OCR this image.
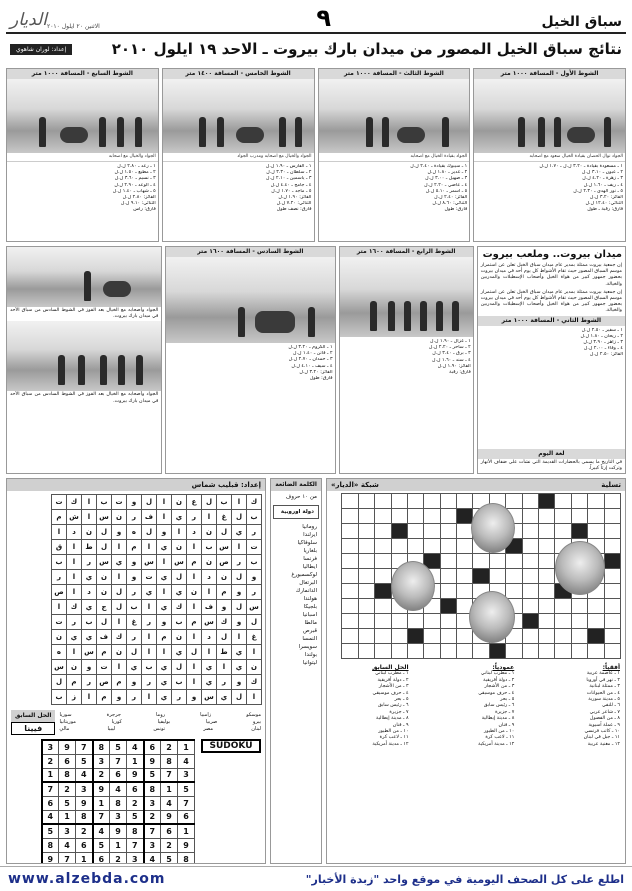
سباق الخيل
٩
الاثنين ٢٠ ايلول ٢٠١٠
الديار
نتائج سباق الخيل المصور من ميدان بارك بيروت ـ الاحد ١٩ ايلول ٢٠١٠
إعداد: لوران شاهوي
الشوط الأول - المسافة ١٠٠٠ متر
الجواد نوال الحصان بقيادة الخيال سعود مع اصحابه
١ ـ مسعودة بقيادة ـ ٣.٢٠ ل.ل ـ ١.٧٠ ل.ل
٢ ـ عيون ـ ٣.١٠ ل.ل
٣ ـ زهرة ـ ٤.٢٠ ل.ل
٤ ـ ريف ـ ١.٦٠ ل.ل
٥ ـ نور الهدى ـ ٢.٣٠ ل.ل
الفائز: ٣.٢٠ ل.ل
الثنائي: ١٢.٤٠ ل.ل
فارق: رقبة ـ طول
الشوط الثالث - المسافة ١٠٠٠ متر
الجواد بقيادة الخيال مع اصحابه
١ ـ سيبوك بقيادة ـ ٢.٤٠ ل.ل
٢ ـ غدير ـ ١.٨٠ ل.ل
٣ ـ صهيل ـ ٣.٠٠ ل.ل
٤ ـ عاصي ـ ٢.٢٠ ل.ل
٥ ـ أسمر ـ ٥.١٠ ل.ل
الفائز: ٢.٤٠ ل.ل
الثنائي: ٨.٦٠ ل.ل
فارق: طول
الشوط الخامس - المسافة ١٤٠٠ متر
الجواد والخيال مع اصحابه ومدرب الجواد
١ ـ الفارس ـ ١.٩٠ ل.ل
٢ ـ سلطان ـ ٣.٣٠ ل.ل
٣ ـ ياسمين ـ ٢.١٠ ل.ل
٤ ـ جامح ـ ٤.٤٠ ل.ل
٥ ـ ماجد ـ ١.٧٠ ل.ل
الفائز: ١.٩٠ ل.ل
الثنائي: ٧.٢٠ ل.ل
فارق: نصف طول
الشوط السابع - المسافة ١٠٠٠ متر
الجواد والخيال مع اصحابه
١ ـ رعد ـ ٢.٨٠ ل.ل
٢ ـ مطيع ـ ١.٥٠ ل.ل
٣ ـ نسيم ـ ٣.٦٠ ل.ل
٤ ـ الوعد ـ ٢.٩٠ ل.ل
٥ ـ شهاب ـ ١.٤٠ ل.ل
الفائز: ٢.٨٠ ل.ل
الثنائي: ٩.١٠ ل.ل
فارق: رأس
ميدان بيروت.. وملعب بيروت
إن جمعية بيروت ممثلة بمدير عام ميدان سباق الخيل تعلن عن استمرار موسم السباق المصور حيث تقام الأشواط كل يوم أحد في ميدان بيروت بحضور جمهور كبير من هواة الخيل وأصحاب الإسطبلات والمدربين والخيالة.
إن جمعية بيروت ممثلة بمدير عام ميدان سباق الخيل تعلن عن استمرار موسم السباق المصور حيث تقام الأشواط كل يوم أحد في ميدان بيروت بحضور جمهور كبير من هواة الخيل وأصحاب الإسطبلات والمدربين والخيالة.
الشوط الثاني - المسافة ١٠٠٠ متر
١ ـ سفير ـ ٢.٥٠ ل.ل
٢ ـ ريحان ـ ١.٨٠ ل.ل
٣ ـ زاهر ـ ٣.٩٠ ل.ل
٤ ـ وفاء ـ ٢.٠٠ ل.ل
الفائز: ٢.٥٠ ل.ل
لغة اليوم
في التاريخ ما يسمى بالحضارات القديمة التي نشأت على ضفاف الأنهار وتركت إرثاً كبيراً.
الشوط الرابع - المسافة ١٦٠٠ متر
١ ـ غزال ـ ١.٩٠ ل.ل
٢ ـ ساحر ـ ٢.٢٠ ل.ل
٣ ـ برق ـ ٣.٤٠ ل.ل
٤ ـ سند ـ ١.٦٠ ل.ل
الفائز: ١.٩٠ ل.ل
فارق: رقبة
الشوط السادس - المسافة ١٦٠٠ متر
١ ـ الكروم ـ ٣.٢٠ ل.ل
٢ ـ فاتن ـ ١.٤٠ ل.ل
٣ ـ حمدان ـ ٢.٧٠ ل.ل
٤ ـ سيف ـ ٤.١٠ ل.ل
الفائز: ٣.٢٠ ل.ل
فارق: طول
الجواد وأصحابه مع الخيال بعد الفوز في الشوط السادس من سباق الأحد في ميدان بارك بيروت.
الجواد وأصحابه مع الخيال بعد الفوز في الشوط السادس من سباق الأحد في ميدان بارك بيروت.
تسلية
شبكة «الديار»

أفقياً:
١ ـ عاصمة عربية
٢ ـ نهر في أوروبا
٣ ـ ممثلة لبنانية
٤ ـ من الحيوانات
٥ ـ مدينة سورية
٦ ـ للنفي
٧ ـ شاعر عربي
٨ ـ من الفصول
٩ ـ عملة آسيوية
١٠ ـ كاتب فرنسي
١١ ـ جبل في لبنان
١٢ ـ مغنية عربية
عمودياً:
١ ـ مطرب لبناني
٢ ـ دولة أفريقية
٣ ـ من الأشجار
٤ ـ حرف موسيقي
٥ ـ بحر
٦ ـ رئيس سابق
٧ ـ جزيرة
٨ ـ مدينة إيطالية
٩ ـ فنان
١٠ ـ من الطيور
١١ ـ لاعب كرة
١٢ ـ مدينة أمريكية
الحل السابق
١ ـ مطرب لبناني
٢ ـ دولة أفريقية
٣ ـ من الأشجار
٤ ـ حرف موسيقي
٥ ـ بحر
٦ ـ رئيس سابق
٧ ـ جزيرة
٨ ـ مدينة إيطالية
٩ ـ فنان
١٠ ـ من الطيور
١١ ـ لاعب كرة
١٢ ـ مدينة أمريكية
الكلمة الضائعة
من ١٠ حروف
دولة اوروبية
رومانيا
ايرلندا
سلوفاكيا
بلغاريا
فرنسا
ايطاليا
لوكسمبورغ
البرتغال
الدانمارك
هولندا
بلجيكا
اسبانيا
مالطا
قبرص
النمسا
سويسرا
بولندا
ليتوانيا
إعداد: قبليب شماس
ك	ا	ب	ل	ع	ن	ا	ل	و	ت	ب	ا	ك	ت
ب	ل	غ	ا	ر	ي	ا	ف	ر	ن	س	ا	ش	م
ر	ي	ل	ن	د	ا	و	ل	ه	و	ل	ن	د	ا
ت	ا	س	ب	ا	ن	ي	ا	م	ا	ل	ط	ا	ق
ب	ر	ص	ن	م	س	ا	س	و	ي	س	ر	ا	ب
و	ل	ن	د	ا	ل	ي	ت	و	ا	ن	ي	ا	ر
ر	و	م	ا	ن	ي	ا	ي	ر	ل	ن	د	ا	ص
س	ل	و	ف	ا	ك	ي	ا	ب	ل	ج	ي	ك	ا
ل	و	ك	س	م	ب	و	ر	غ	ا	ل	ب	ر	ت
غ	ا	ل	د	ا	ن	م	ا	ر	ك	ف	ي	ي	ن
ا	ي	ط	ا	ل	ي	ا	ا	ل	ن	م	س	ا	ه
ن	ي	ا	ي	ا	ل	ي	ب	ي	ا	ت	و	ن	س
ك	و	ر	ي	ا	ب	ي	ر	و	م	ص	ر	م	ل
ا	ل	ي	س	و	ر	ي	ا	ر	و	م	ا	ز	ب
موسكو
زامبيا
روما
جرجرة
سوريا
بيرو
صربيا
بوليفيا
كوريا
موريتانيا
لبنان
مصر
تونس
ليبيا
مالي
الحل السابق
فيينا
SUDOKU
3	9	7	8	5	4	6	2	1
2	6	5	3	7	1	9	8	4
1	8	4	2	6	9	5	7	3
7	2	3	9	4	6	8	1	5
6	5	9	1	8	2	3	4	7
4	1	8	7	3	5	2	9	6
5	3	2	4	9	8	7	6	1
8	4	6	5	1	7	3	2	9
9	7	1	6	2	3	4	5	8
اطلع على كل الصحف اليومية في موقع واحد "زبدة الأخبار"
www.alzebda.com
